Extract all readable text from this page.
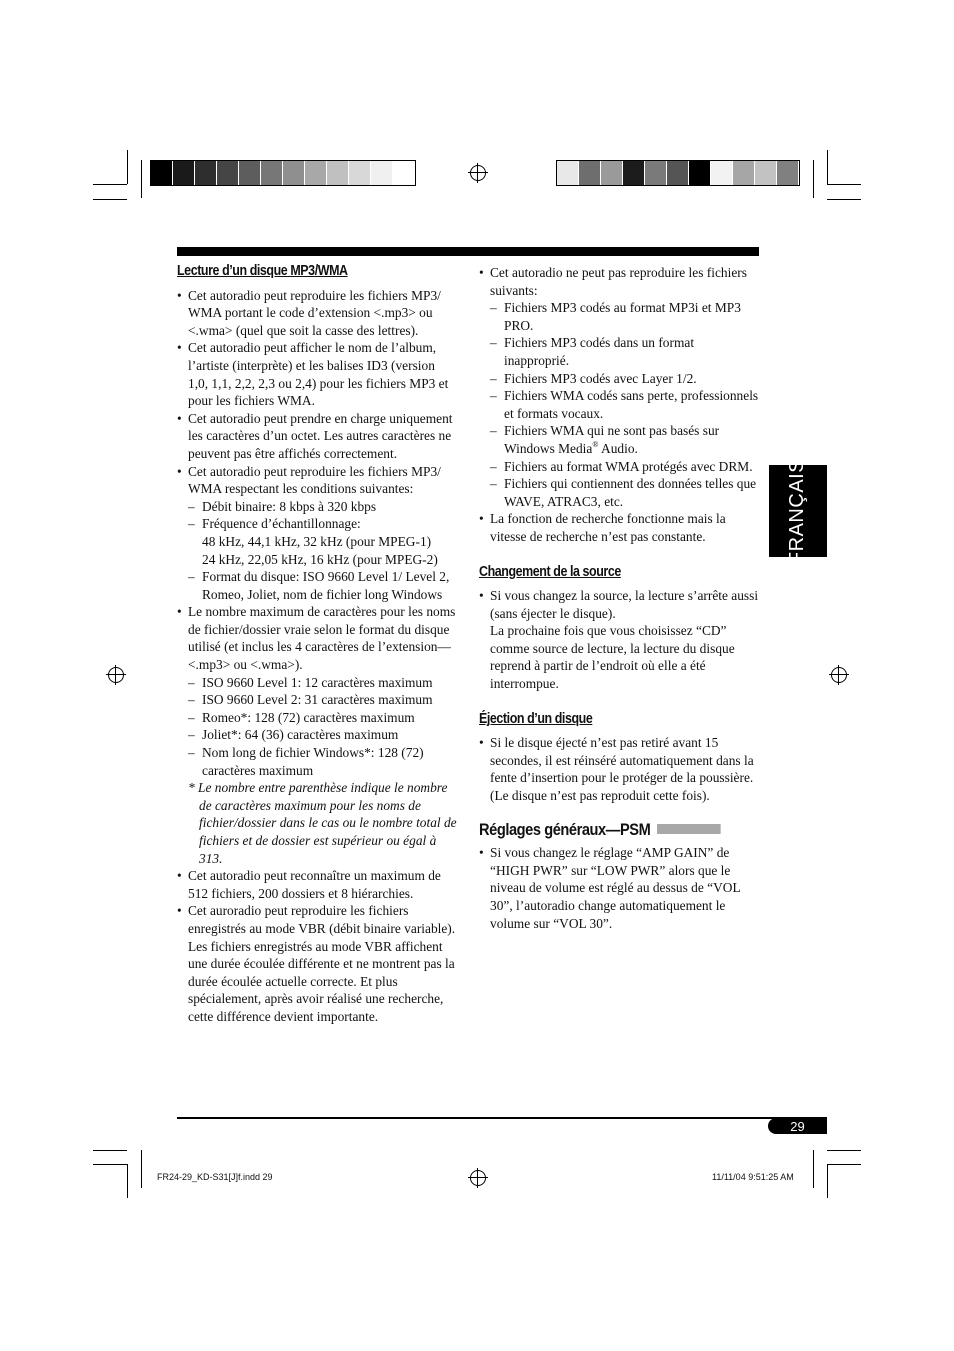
FRANÇAIS
Lecture d’un disque MP3/WMA

• Cet autoradio peut reproduire les fichiers MP3/ WMA portant le code d’extension <.mp3> ou <.wma> (quel que soit la casse des lettres).

• Cet autoradio peut afficher le nom de l’album, l’artiste (interprète) et les balises ID3 (version 1,0, 1,1, 2,2, 2,3 ou 2,4) pour les fichiers MP3 et pour les fichiers WMA.

• Cet autoradio peut prendre en charge uniquement les caractères d’un octet. Les autres caractères ne peuvent pas être affichés correctement.

• Cet autoradio peut reproduire les fichiers MP3/ WMA respectant les conditions suivantes:

– Débit binaire: 8 kbps à 320 kbps

– Fréquence d’échantillonnage:

48 kHz, 44,1 kHz, 32 kHz (pour MPEG-1)

24 kHz, 22,05 kHz, 16 kHz (pour MPEG-2)

– Format du disque: ISO 9660 Level 1/ Level 2, Romeo, Joliet, nom de fichier long Windows

• Le nombre maximum de caractères pour les noms de fichier/dossier vraie selon le format du disque utilisé (et inclus les 4 caractères de l’extension—<.mp3> ou <.wma>).

– ISO 9660 Level 1: 12 caractères maximum

– ISO 9660 Level 2: 31 caractères maximum

– Romeo*: 128 (72) caractères maximum

– Joliet*: 64 (36) caractères maximum

– Nom long de fichier Windows*: 128 (72) caractères maximum

* Le nombre entre parenthèse indique le nombre de caractères maximum pour les noms de fichier/dossier dans le cas ou le nombre total de fichiers et de dossier est supérieur ou égal à 313.

• Cet autoradio peut reconnaître un maximum de 512 fichiers, 200 dossiers et 8 hiérarchies.

• Cet auroradio peut reproduire les fichiers enregistrés au mode VBR (débit binaire variable).

Les fichiers enregistrés au mode VBR affichent une durée écoulée différente et ne montrent pas la durée écoulée actuelle correcte. Et plus spécialement, après avoir réalisé une recherche, cette différence devient importante.

• Cet autoradio ne peut pas reproduire les fichiers suivants:

– Fichiers MP3 codés au format MP3i et MP3 PRO.

– Fichiers MP3 codés dans un format inapproprié.

– Fichiers MP3 codés avec Layer 1/2.

– Fichiers WMA codés sans perte, professionnels et formats vocaux.

– Fichiers WMA qui ne sont pas basés sur Windows Media® Audio.

– Fichiers au format WMA protégés avec DRM.

– Fichiers qui contiennent des données telles que WAVE, ATRAC3, etc.

• La fonction de recherche fonctionne mais la vitesse de recherche n’est pas constante.

Changement de la source

• Si vous changez la source, la lecture s’arrête aussi (sans éjecter le disque).

La prochaine fois que vous choisissez “CD” comme source de lecture, la lecture du disque reprend à partir de l’endroit où elle a été interrompue.

Éjection d’un disque

• Si le disque éjecté n’est pas retiré avant 15 secondes, il est réinséré automatiquement dans la fente d’insertion pour le protéger de la poussière. (Le disque n’est pas reproduit cette fois).

Réglages généraux—PSM

• Si vous changez le réglage “AMP GAIN” de “HIGH PWR” sur “LOW PWR” alors que le niveau de volume est réglé au dessus de “VOL 30”, l’autoradio change automatiquement le volume sur “VOL 30”.

29
FR24-29_KD-S31[J]f.indd 29	11/11/04 9:51:25 AM
